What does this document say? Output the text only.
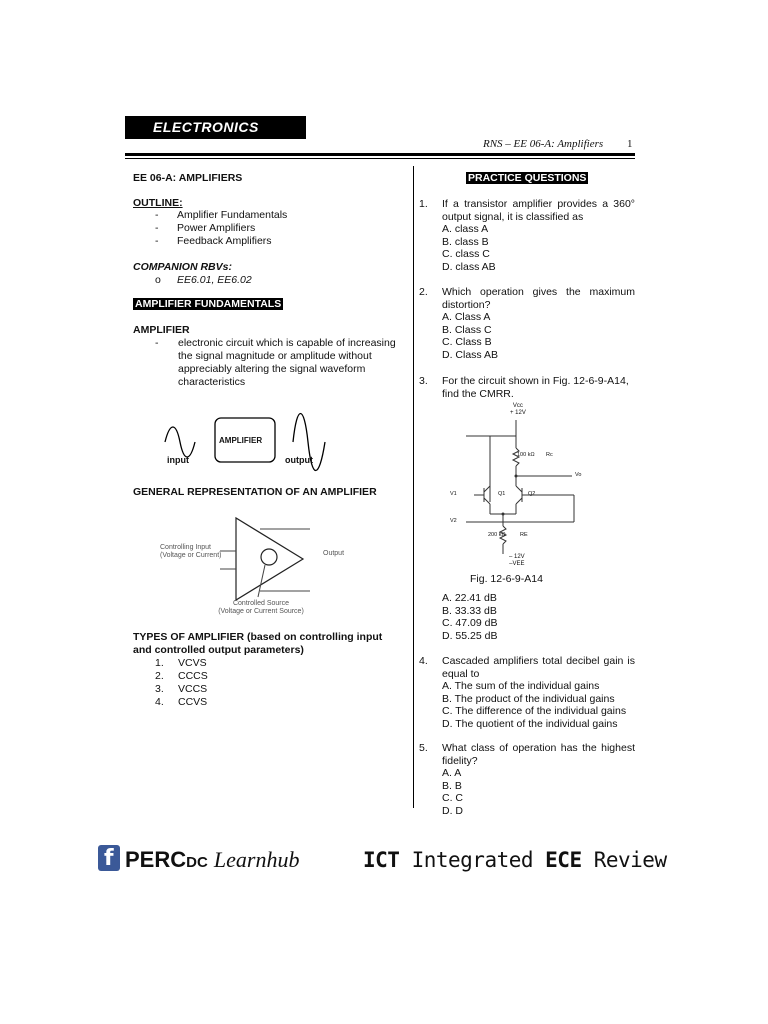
ELECTRONICS
RNS – EE 06-A: Amplifiers 1
EE 06-A: AMPLIFIERS
OUTLINE:
- Amplifier Fundamentals
- Power Amplifiers
- Feedback Amplifiers
COMPANION RBVs:
o EE6.01, EE6.02
AMPLIFIER FUNDAMENTALS
AMPLIFIER
-	electronic circuit which is capable of increasing the signal magnitude or amplitude without appreciably altering the signal waveform characteristics
AMPLIFIER
input	output
GENERAL REPRESENTATION OF AN AMPLIFIER
Controlling Input
(Voltage or Current)	Output
Controlled Source
(Voltage or Current Source)
TYPES OF AMPLIFIER (based on controlling input and controlled output parameters)
1. VCVS
2. CCCS
3. VCCS
4. CCVS
PRACTICE QUESTIONS
1.	If a transistor amplifier provides a 360° output signal, it is classified as
A. class A
B. class B
C. class C
D. class AB
2.	Which operation gives the maximum distortion?
A. Class A
B. Class C
C. Class B
D. Class AB
3.	For the circuit shown in Fig. 12-6-9-A14, find the CMRR.
Vcc
+ 12V
100 kΩ Rc
Vo
V1	Q1	Q2
V2
200 kΩ	RE
– 12V
–VEE
Fig. 12-6-9-A14
A. 22.41 dB
B. 33.33 dB
C. 47.09 dB
D. 55.25 dB
4.	Cascaded amplifiers total decibel gain is equal to
A. The sum of the individual gains
B. The product of the individual gains
C. The difference of the individual gains
D. The quotient of the individual gains
5.	What class of operation has the highest fidelity?
A. A
B. B
C. C
D. D
f PERCDC Learnhub	ICT Integrated ECE Review
